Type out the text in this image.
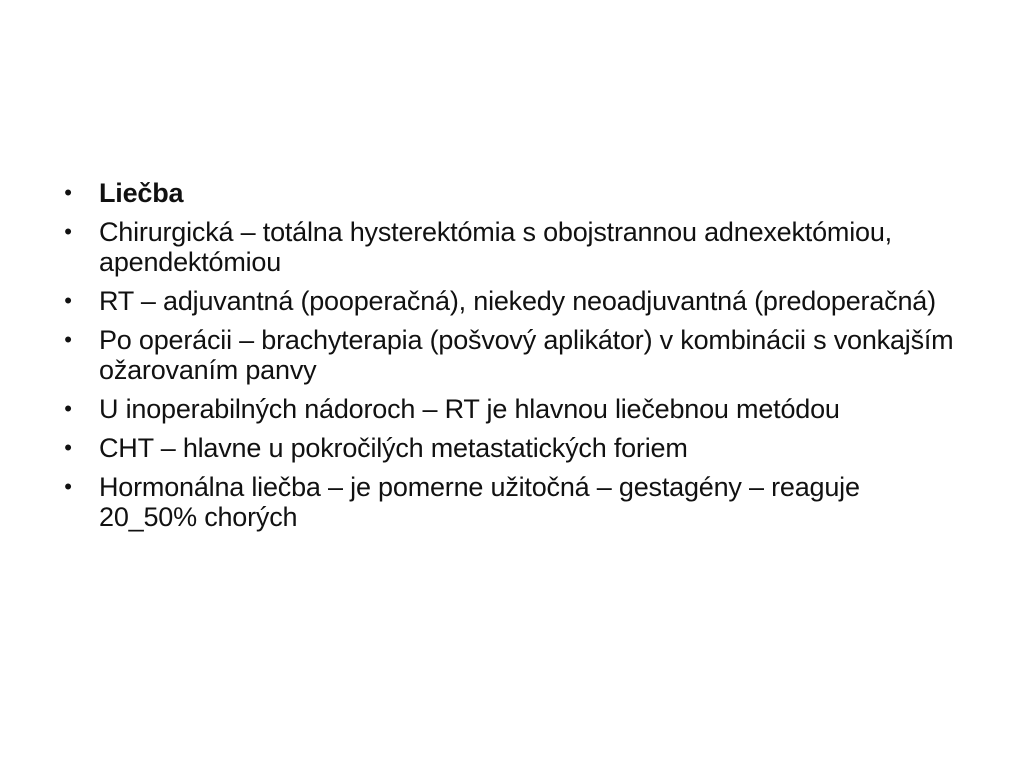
• Liečba
• Chirurgická – totálna hysterektómia s obojstrannou adnexektómiou, apendektómiou
• RT – adjuvantná (pooperačná), niekedy neoadjuvantná (predoperačná)
• Po operácii – brachyterapia (pošvový aplikátor) v kombinácii s vonkajším ožarovaním panvy
• U inoperabilných nádoroch – RT je hlavnou liečebnou metódou
• CHT – hlavne u pokročilých metastatických foriem
• Hormonálna liečba – je pomerne užitočná – gestagény – reaguje 20_50% chorých
